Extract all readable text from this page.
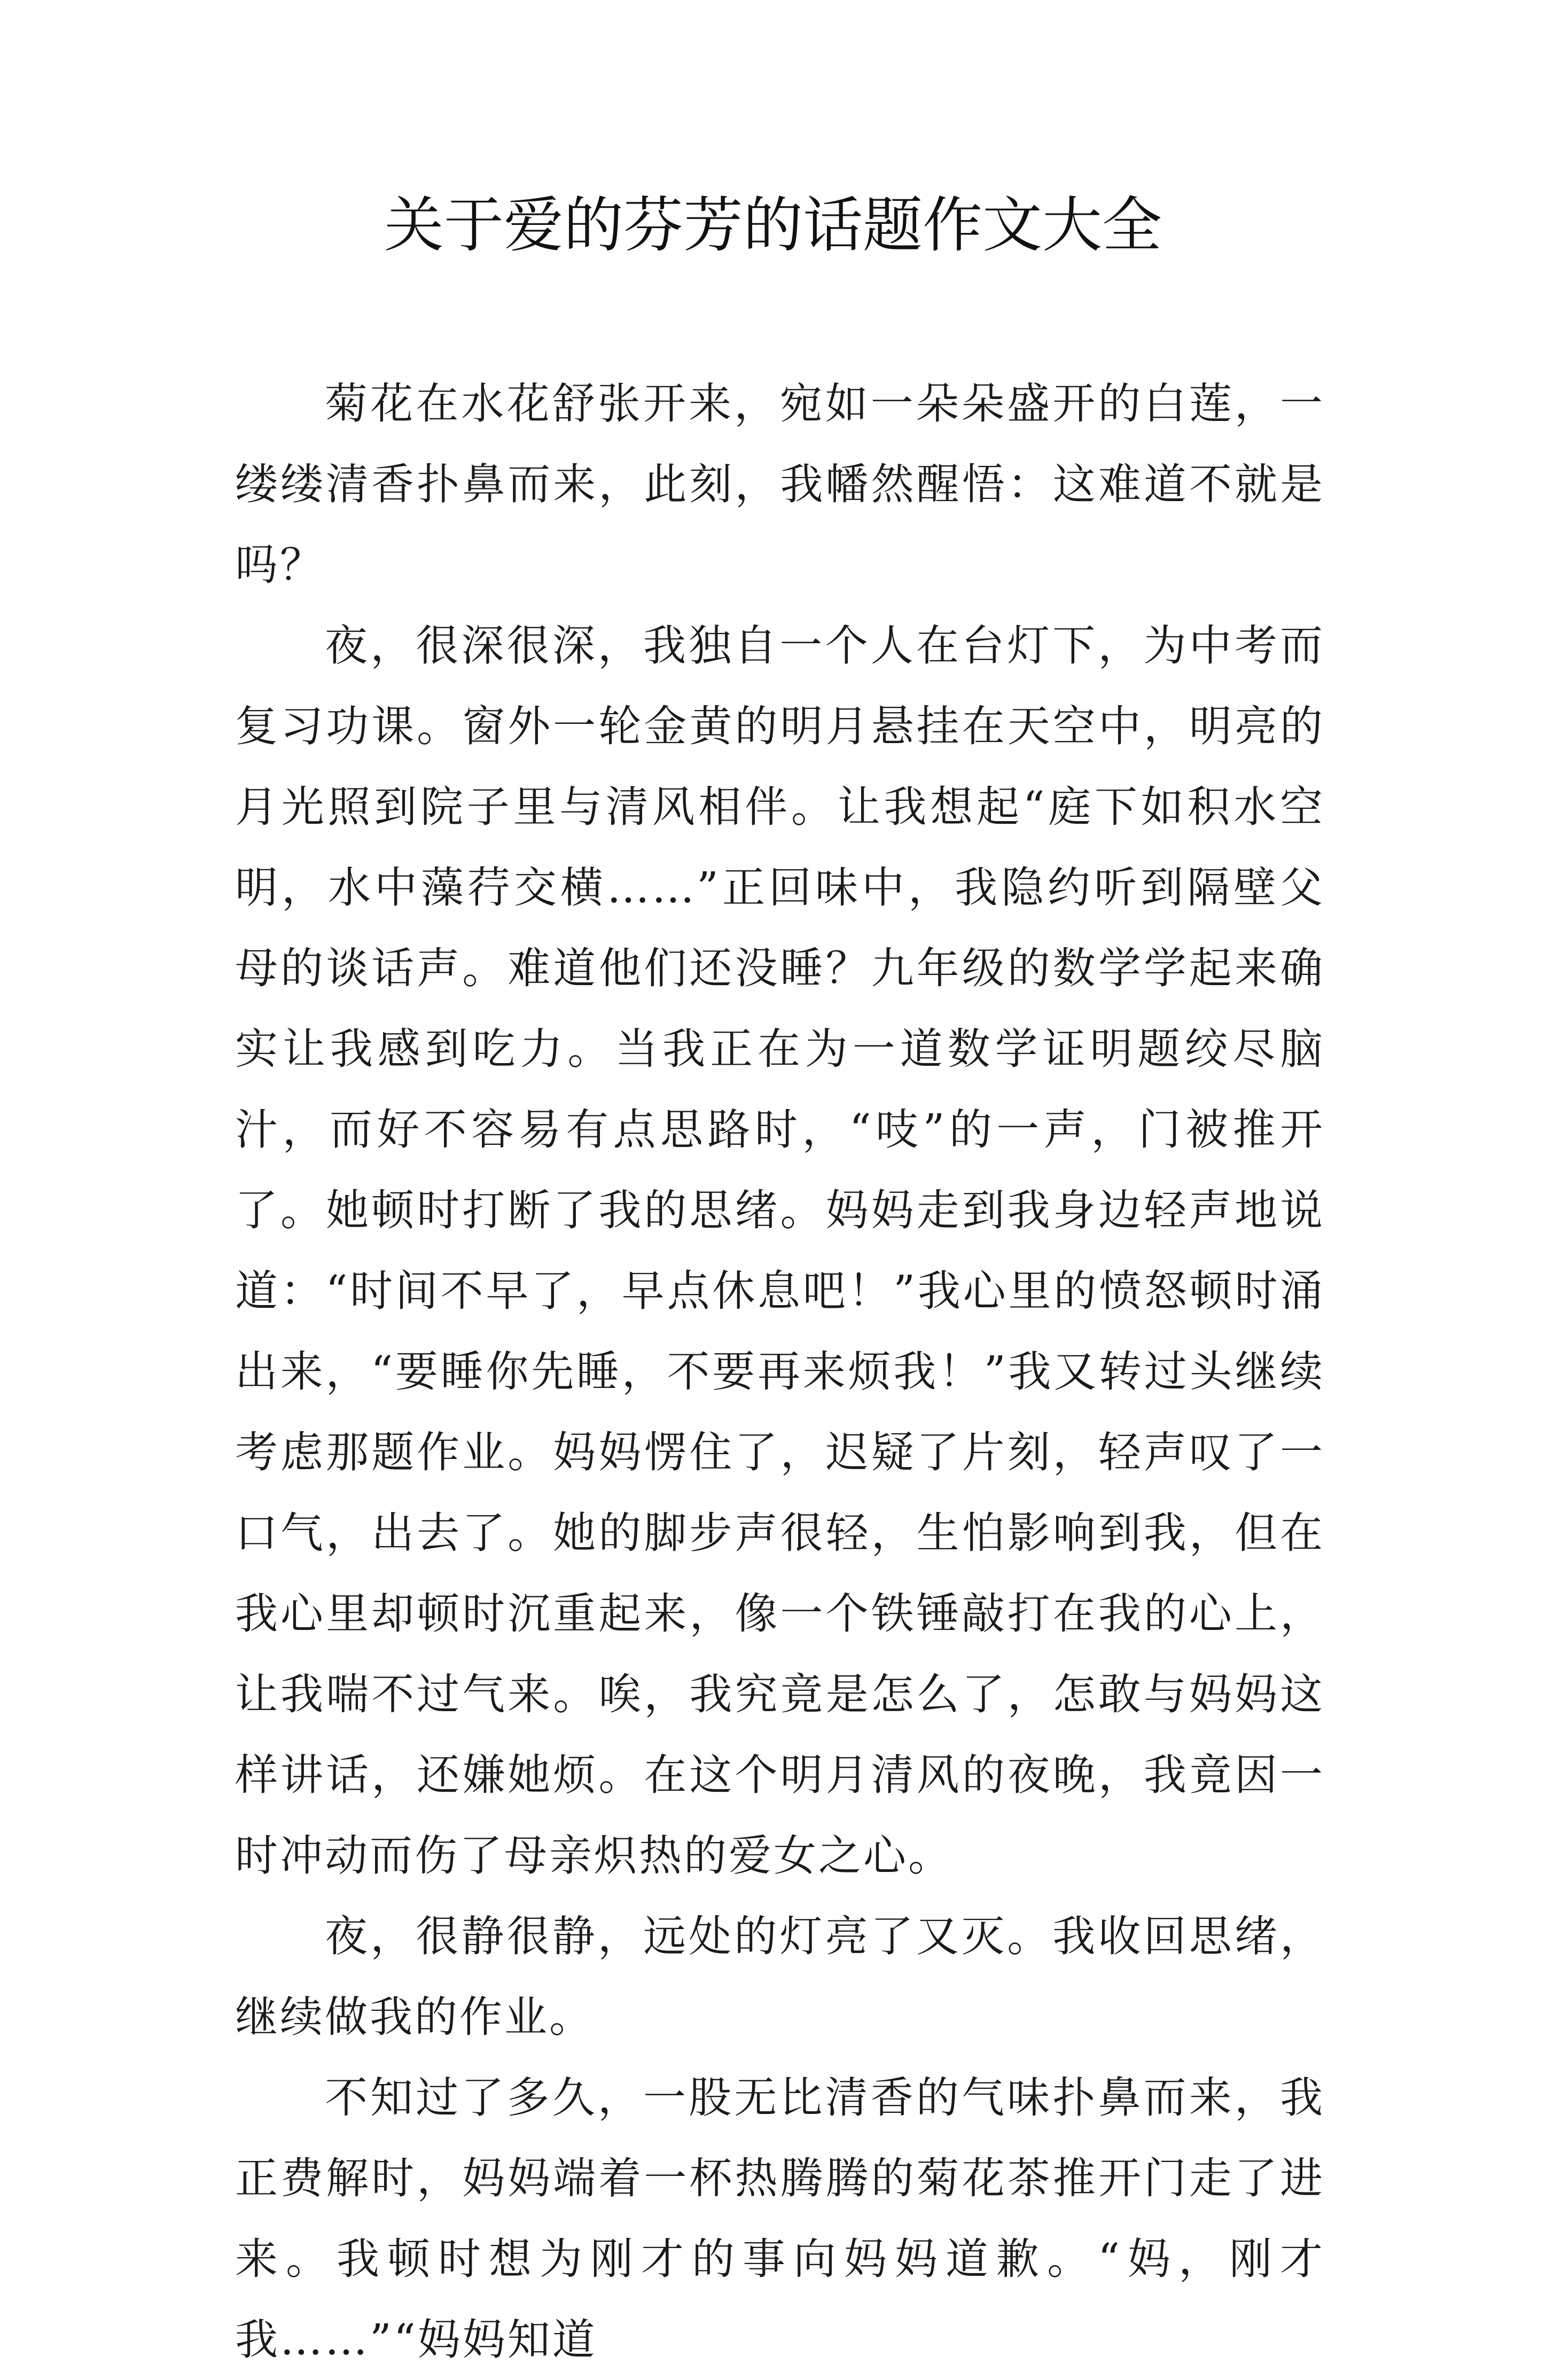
关于爱的芬芳的话题作文大全

菊花在水花舒张开来，宛如一朵朵盛开的白莲，一缕缕清香扑鼻而来，此刻，我幡然醒悟：这难道不就是吗？

夜，很深很深，我独自一个人在台灯下，为中考而复习功课。窗外一轮金黄的明月悬挂在天空中，明亮的月光照到院子里与清风相伴。让我想起“庭下如积水空明，水中藻荇交横……”正回味中，我隐约听到隔壁父母的谈话声。难道他们还没睡？九年级的数学学起来确实让我感到吃力。当我正在为一道数学证明题绞尽脑汁，而好不容易有点思路时，“吱”的一声，门被推开了。她顿时打断了我的思绪。妈妈走到我身边轻声地说道：“时间不早了，早点休息吧！”我心里的愤怒顿时涌出来，“要睡你先睡，不要再来烦我！”我又转过头继续考虑那题作业。妈妈愣住了，迟疑了片刻，轻声叹了一口气，出去了。她的脚步声很轻，生怕影响到我，但在我心里却顿时沉重起来，像一个铁锤敲打在我的心上，让我喘不过气来。唉，我究竟是怎么了，怎敢与妈妈这样讲话，还嫌她烦。在这个明月清风的夜晚，我竟因一时冲动而伤了母亲炽热的爱女之心。

夜，很静很静，远处的灯亮了又灭。我收回思绪，继续做我的作业。

不知过了多久，一股无比清香的气味扑鼻而来，我正费解时，妈妈端着一杯热腾腾的菊花茶推开门走了进来。我顿时想为刚才的事向妈妈道歉。“妈，刚才我……”“妈妈知道
